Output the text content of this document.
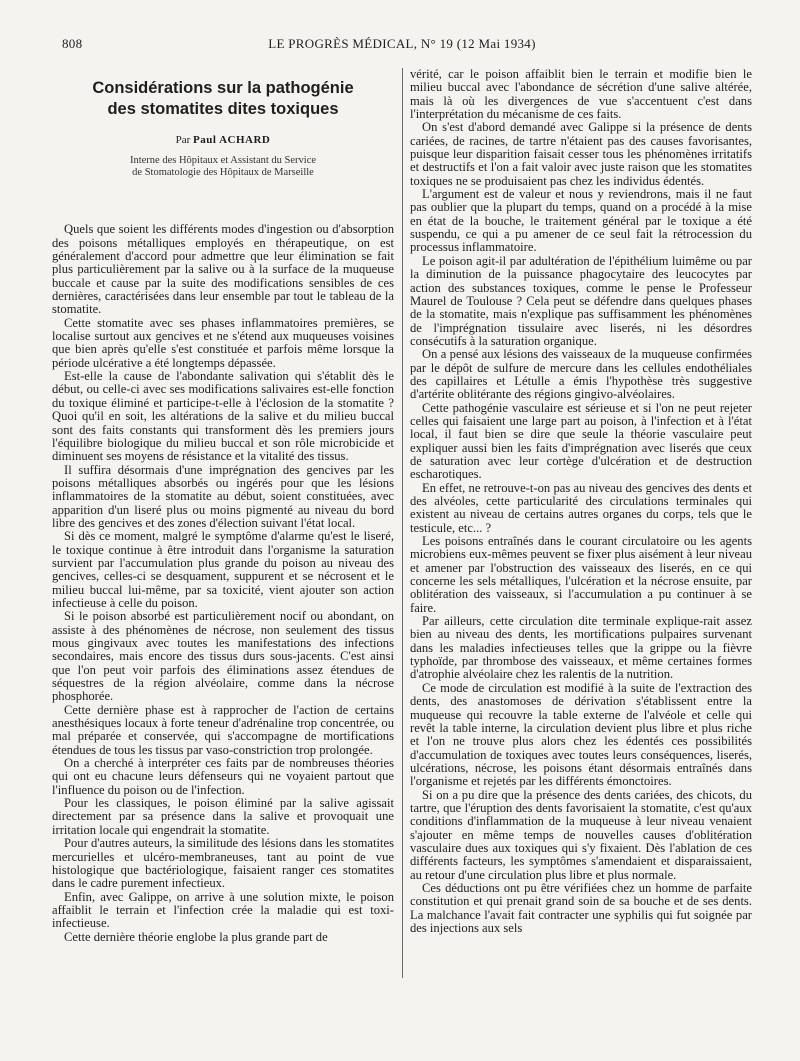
808	LE PROGRÈS MÉDICAL, N° 19 (12 Mai 1934)
Considérations sur la pathogénie
des stomatites dites toxiques
Par Paul ACHARD
Interne des Hôpitaux et Assistant du Service
de Stomatologie des Hôpitaux de Marseille

Quels que soient les différents modes d'ingestion ou d'absorption des poisons métalliques employés en thérapeutique, on est généralement d'accord pour admettre que leur élimination se fait plus particulièrement par la salive ou à la surface de la muqueuse buccale et cause par la suite des modifications sensibles de ces dernières, caractérisées dans leur ensemble par tout le tableau de la stomatite.

Cette stomatite avec ses phases inflammatoires premières, se localise surtout aux gencives et ne s'étend aux muqueuses voisines que bien après qu'elle s'est constituée et parfois même lorsque la période ulcérative a été longtemps dépassée.

Est-elle la cause de l'abondante salivation qui s'établit dès le début, ou celle-ci avec ses modifications salivaires est-elle fonction du toxique éliminé et participe-t-elle à l'éclosion de la stomatite ? Quoi qu'il en soit, les altérations de la salive et du milieu buccal sont des faits constants qui transforment dès les premiers jours l'équilibre biologique du milieu buccal et son rôle microbicide et diminuent ses moyens de résistance et la vitalité des tissus.

Il suffira désormais d'une imprégnation des gencives par les poisons métalliques absorbés ou ingérés pour que les lésions inflammatoires de la stomatite au début, soient constituées, avec apparition d'un liseré plus ou moins pigmenté au niveau du bord libre des gencives et des zones d'élection suivant l'état local.

Si dès ce moment, malgré le symptôme d'alarme qu'est le liseré, le toxique continue à être introduit dans l'organisme la saturation survient par l'accumulation plus grande du poison au niveau des gencives, celles-ci se desquament, suppurent et se nécrosent et le milieu buccal lui-même, par sa toxicité, vient ajouter son action infectieuse à celle du poison.

Si le poison absorbé est particulièrement nocif ou abondant, on assiste à des phénomènes de nécrose, non seulement des tissus mous gingivaux avec toutes les manifestations des infections secondaires, mais encore des tissus durs sous-jacents. C'est ainsi que l'on peut voir parfois des éliminations assez étendues de séquestres de la région alvéolaire, comme dans la nécrose phosphorée.

Cette dernière phase est à rapprocher de l'action de certains anesthésiques locaux à forte teneur d'adrénaline trop concentrée, ou mal préparée et conservée, qui s'accompagne de mortifications étendues de tous les tissus par vaso-constriction trop prolongée.

On a cherché à interpréter ces faits par de nombreuses théories qui ont eu chacune leurs défenseurs qui ne voyaient partout que l'influence du poison ou de l'infection.

Pour les classiques, le poison éliminé par la salive agissait directement par sa présence dans la salive et provoquait une irritation locale qui engendrait la stomatite.

Pour d'autres auteurs, la similitude des lésions dans les stomatites mercurielles et ulcéro-membraneuses, tant au point de vue histologique que bactériologique, faisaient ranger ces stomatites dans le cadre purement infectieux.

Enfin, avec Galippe, on arrive à une solution mixte, le poison affaiblit le terrain et l'infection crée la maladie qui est toxi-infectieuse.

Cette dernière théorie englobe la plus grande part de

vérité, car le poison affaiblit bien le terrain et modifie bien le milieu buccal avec l'abondance de sécrétion d'une salive altérée, mais là où les divergences de vue s'accentuent c'est dans l'interprétation du mécanisme de ces faits.

On s'est d'abord demandé avec Galippe si la présence de dents cariées, de racines, de tartre n'étaient pas des causes favorisantes, puisque leur disparition faisait cesser tous les phénomènes irritatifs et destructifs et l'on a fait valoir avec juste raison que les stomatites toxiques ne se produisaient pas chez les individus édentés.

L'argument est de valeur et nous y reviendrons, mais il ne faut pas oublier que la plupart du temps, quand on a procédé à la mise en état de la bouche, le traitement général par le toxique a été suspendu, ce qui a pu amener de ce seul fait la rétrocession du processus inflammatoire.

Le poison agit-il par adultération de l'épithélium luimême ou par la diminution de la puissance phagocytaire des leucocytes par action des substances toxiques, comme le pense le Professeur Maurel de Toulouse ? Cela peut se défendre dans quelques phases de la stomatite, mais n'explique pas suffisamment les phénomènes de l'imprégnation tissulaire avec liserés, ni les désordres consécutifs à la saturation organique.

On a pensé aux lésions des vaisseaux de la muqueuse confirmées par le dépôt de sulfure de mercure dans les cellules endothéliales des capillaires et Létulle a émis l'hypothèse très suggestive d'artérite oblitérante des régions gingivo-alvéolaires.

Cette pathogénie vasculaire est sérieuse et si l'on ne peut rejeter celles qui faisaient une large part au poison, à l'infection et à l'état local, il faut bien se dire que seule la théorie vasculaire peut expliquer aussi bien les faits d'imprégnation avec liserés que ceux de saturation avec leur cortège d'ulcération et de destruction escharotiques.

En effet, ne retrouve-t-on pas au niveau des gencives des dents et des alvéoles, cette particularité des circulations terminales qui existent au niveau de certains autres organes du corps, tels que le testicule, etc... ?

Les poisons entraînés dans le courant circulatoire ou les agents microbiens eux-mêmes peuvent se fixer plus aisément à leur niveau et amener par l'obstruction des vaisseaux des liserés, en ce qui concerne les sels métalliques, l'ulcération et la nécrose ensuite, par oblitération des vaisseaux, si l'accumulation a pu continuer à se faire.

Par ailleurs, cette circulation dite terminale explique-rait assez bien au niveau des dents, les mortifications pulpaires survenant dans les maladies infectieuses telles que la grippe ou la fièvre typhoïde, par thrombose des vaisseaux, et même certaines formes d'atrophie alvéolaire chez les ralentis de la nutrition.

Ce mode de circulation est modifié à la suite de l'extraction des dents, des anastomoses de dérivation s'établissent entre la muqueuse qui recouvre la table externe de l'alvéole et celle qui revêt la table interne, la circulation devient plus libre et plus riche et l'on ne trouve plus alors chez les édentés ces possibilités d'accumulation de toxiques avec toutes leurs conséquences, liserés, ulcérations, nécrose, les poisons étant désormais entraînés dans l'organisme et rejetés par les différents émonctoires.

Si on a pu dire que la présence des dents cariées, des chicots, du tartre, que l'éruption des dents favorisaient la stomatite, c'est qu'aux conditions d'inflammation de la muqueuse à leur niveau venaient s'ajouter en même temps de nouvelles causes d'oblitération vasculaire dues aux toxiques qui s'y fixaient. Dès l'ablation de ces différents facteurs, les symptômes s'amendaient et disparaissaient, au retour d'une circulation plus libre et plus normale.

Ces déductions ont pu être vérifiées chez un homme de parfaite constitution et qui prenait grand soin de sa bouche et de ses dents. La malchance l'avait fait contracter une syphilis qui fut soignée par des injections aux sels
